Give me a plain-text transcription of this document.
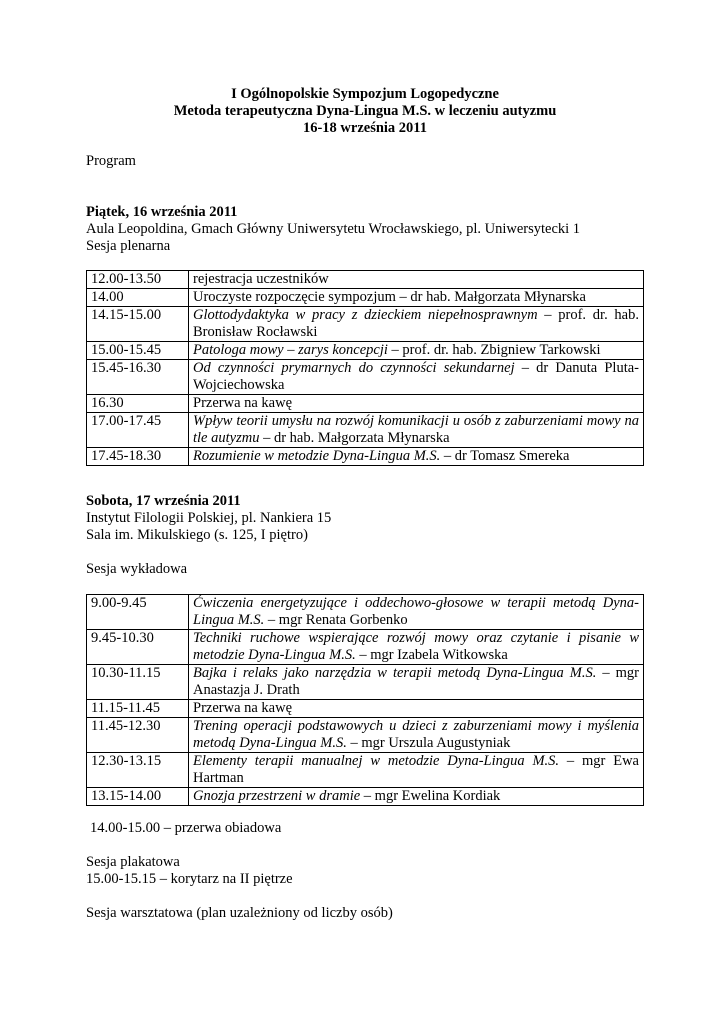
I Ogólnopolskie Sympozjum Logopedyczne
Metoda terapeutyczna Dyna-Lingua M.S. w leczeniu autyzmu
16-18 września 2011
Program
Piątek, 16 września 2011
Aula Leopoldina, Gmach Główny Uniwersytetu Wrocławskiego, pl. Uniwersytecki 1
Sesja plenarna
12.00-13.50	rejestracja uczestników
14.00	Uroczyste rozpoczęcie sympozjum – dr hab. Małgorzata Młynarska
14.15-15.00	Glottodydaktyka w pracy z dzieckiem niepełnosprawnym – prof. dr. hab. Bronisław Rocławski
15.00-15.45	Patologa mowy – zarys koncepcji – prof. dr. hab. Zbigniew Tarkowski
15.45-16.30	Od czynności prymarnych do czynności sekundarnej – dr Danuta Pluta-Wojciechowska
16.30	Przerwa na kawę
17.00-17.45	Wpływ teorii umysłu na rozwój komunikacji u osób z zaburzeniami mowy na tle autyzmu – dr hab. Małgorzata Młynarska
17.45-18.30	Rozumienie w metodzie Dyna-Lingua M.S. – dr Tomasz Smereka
Sobota, 17 września 2011
Instytut Filologii Polskiej, pl. Nankiera 15
Sala im. Mikulskiego (s. 125, I piętro)
Sesja wykładowa
9.00-9.45	Ćwiczenia energetyzujące i oddechowo-głosowe w terapii metodą Dyna-Lingua M.S. – mgr Renata Gorbenko
9.45-10.30	Techniki ruchowe wspierające rozwój mowy oraz czytanie i pisanie w metodzie Dyna-Lingua M.S. – mgr Izabela Witkowska
10.30-11.15	Bajka i relaks jako narzędzia w terapii metodą Dyna-Lingua M.S. – mgr Anastazja J. Drath
11.15-11.45	Przerwa na kawę
11.45-12.30	Trening operacji podstawowych u dzieci z zaburzeniami mowy i myślenia metodą Dyna-Lingua M.S. – mgr Urszula Augustyniak
12.30-13.15	Elementy terapii manualnej w metodzie Dyna-Lingua M.S. – mgr Ewa Hartman
13.15-14.00	Gnozja przestrzeni w dramie – mgr Ewelina Kordiak
14.00-15.00 – przerwa obiadowa
Sesja plakatowa
15.00-15.15 – korytarz na II piętrze
Sesja warsztatowa (plan uzależniony od liczby osób)
